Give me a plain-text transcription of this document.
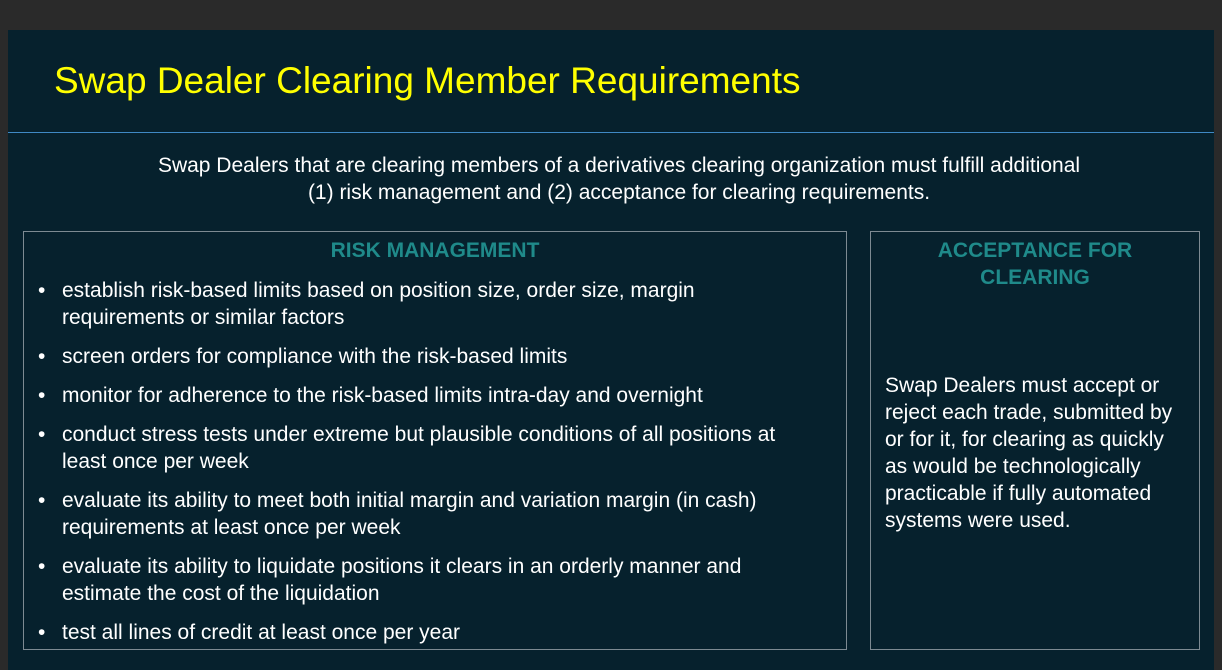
Swap Dealer Clearing Member Requirements

Swap Dealers that are clearing members of a derivatives clearing organization must fulfill additional
(1) risk management and (2) acceptance for clearing requirements.

RISK MANAGEMENT
• establish risk-based limits based on position size, order size, margin requirements or similar factors
• screen orders for compliance with the risk-based limits
• monitor for adherence to the risk-based limits intra-day and overnight
• conduct stress tests under extreme but plausible conditions of all positions at least once per week
• evaluate its ability to meet both initial margin and variation margin (in cash) requirements at least once per week
• evaluate its ability to liquidate positions it clears in an orderly manner and estimate the cost of the liquidation
• test all lines of credit at least once per year
ACCEPTANCE FOR
CLEARING

Swap Dealers must accept or reject each trade, submitted by or for it, for clearing as quickly as would be technologically practicable if fully automated systems were used.
